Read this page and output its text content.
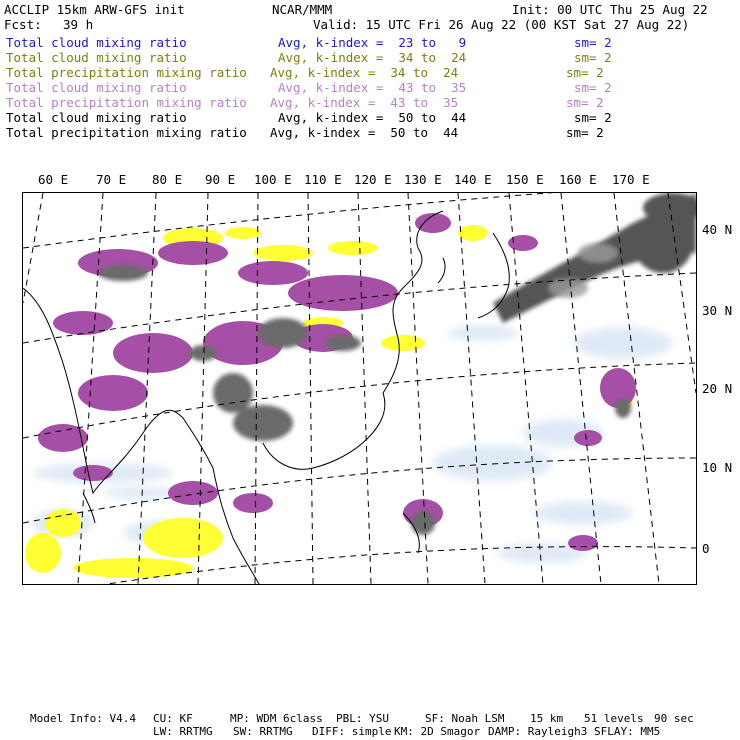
ACCLIP 15km ARW-GFS init	NCAR/MMM	Init: 00 UTC Thu 25 Aug 22
Fcst: 39 h	Valid: 15 UTC Fri 26 Aug 22 (00 KST Sat 27 Aug 22)
Total cloud mixing ratio	Avg, k-index =  23 to   9	sm= 2
Total cloud mixing ratio	Avg, k-index =  34 to  24	sm= 2
Total precipitation mixing ratio Avg, k-index =  34 to  24	sm= 2
Total cloud mixing ratio	Avg, k-index =  43 to  35	sm= 2
Total precipitation mixing ratio Avg, k-index =  43 to  35	sm= 2
Total cloud mixing ratio	Avg, k-index =  50 to  44	sm= 2
Total precipitation mixing ratio Avg, k-index =  50 to  44	sm= 2
60 E 70 E 80 E 90 E 100 E 110 E 120 E 130 E 140 E 150 E 160 E 170 E
40 N
30 N
20 N
10 N
0
Model Info: V4.4 CU: KF	MP: WDM 6class PBL: YSU	SF: Noah LSM 15 km 51 levels 90 sec
LW: RRTMG SW: RRTMG DIFF: simple KM: 2D Smagor DAMP: Rayleigh3 SFLAY: MM5
